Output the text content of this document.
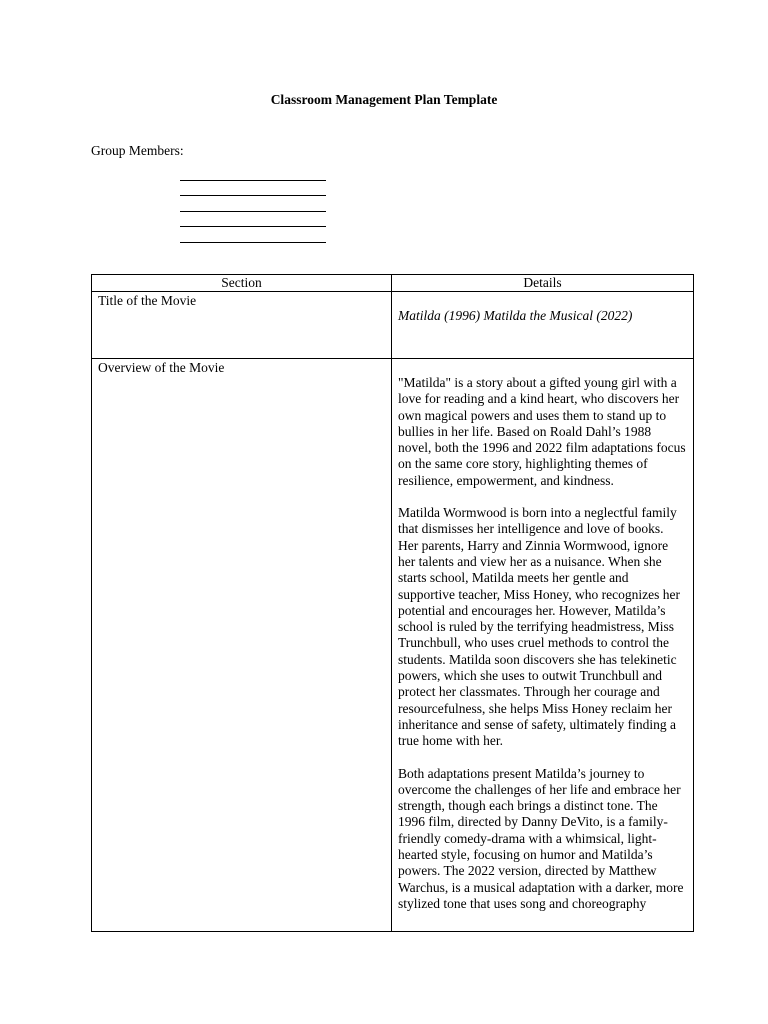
Classroom Management Plan Template
Group Members:
Section	Details

Title of the Movie	Matilda (1996) Matilda the Musical (2022)

Overview of the Movie	"Matilda" is a story about a gifted young girl with a love for reading and a kind heart, who discovers her own magical powers and uses them to stand up to bullies in her life. Based on Roald Dahl’s 1988 novel, both the 1996 and 2022 film adaptations focus on the same core story, highlighting themes of resilience, empowerment, and kindness.

Matilda Wormwood is born into a neglectful family that dismisses her intelligence and love of books. Her parents, Harry and Zinnia Wormwood, ignore her talents and view her as a nuisance. When she starts school, Matilda meets her gentle and supportive teacher, Miss Honey, who recognizes her potential and encourages her. However, Matilda’s school is ruled by the terrifying headmistress, Miss Trunchbull, who uses cruel methods to control the students. Matilda soon discovers she has telekinetic powers, which she uses to outwit Trunchbull and protect her classmates. Through her courage and resourcefulness, she helps Miss Honey reclaim her inheritance and sense of safety, ultimately finding a true home with her.

Both adaptations present Matilda’s journey to overcome the challenges of her life and embrace her strength, though each brings a distinct tone. The 1996 film, directed by Danny DeVito, is a family-friendly comedy-drama with a whimsical, light-hearted style, focusing on humor and Matilda’s powers. The 2022 version, directed by Matthew Warchus, is a musical adaptation with a darker, more stylized tone that uses song and choreography
